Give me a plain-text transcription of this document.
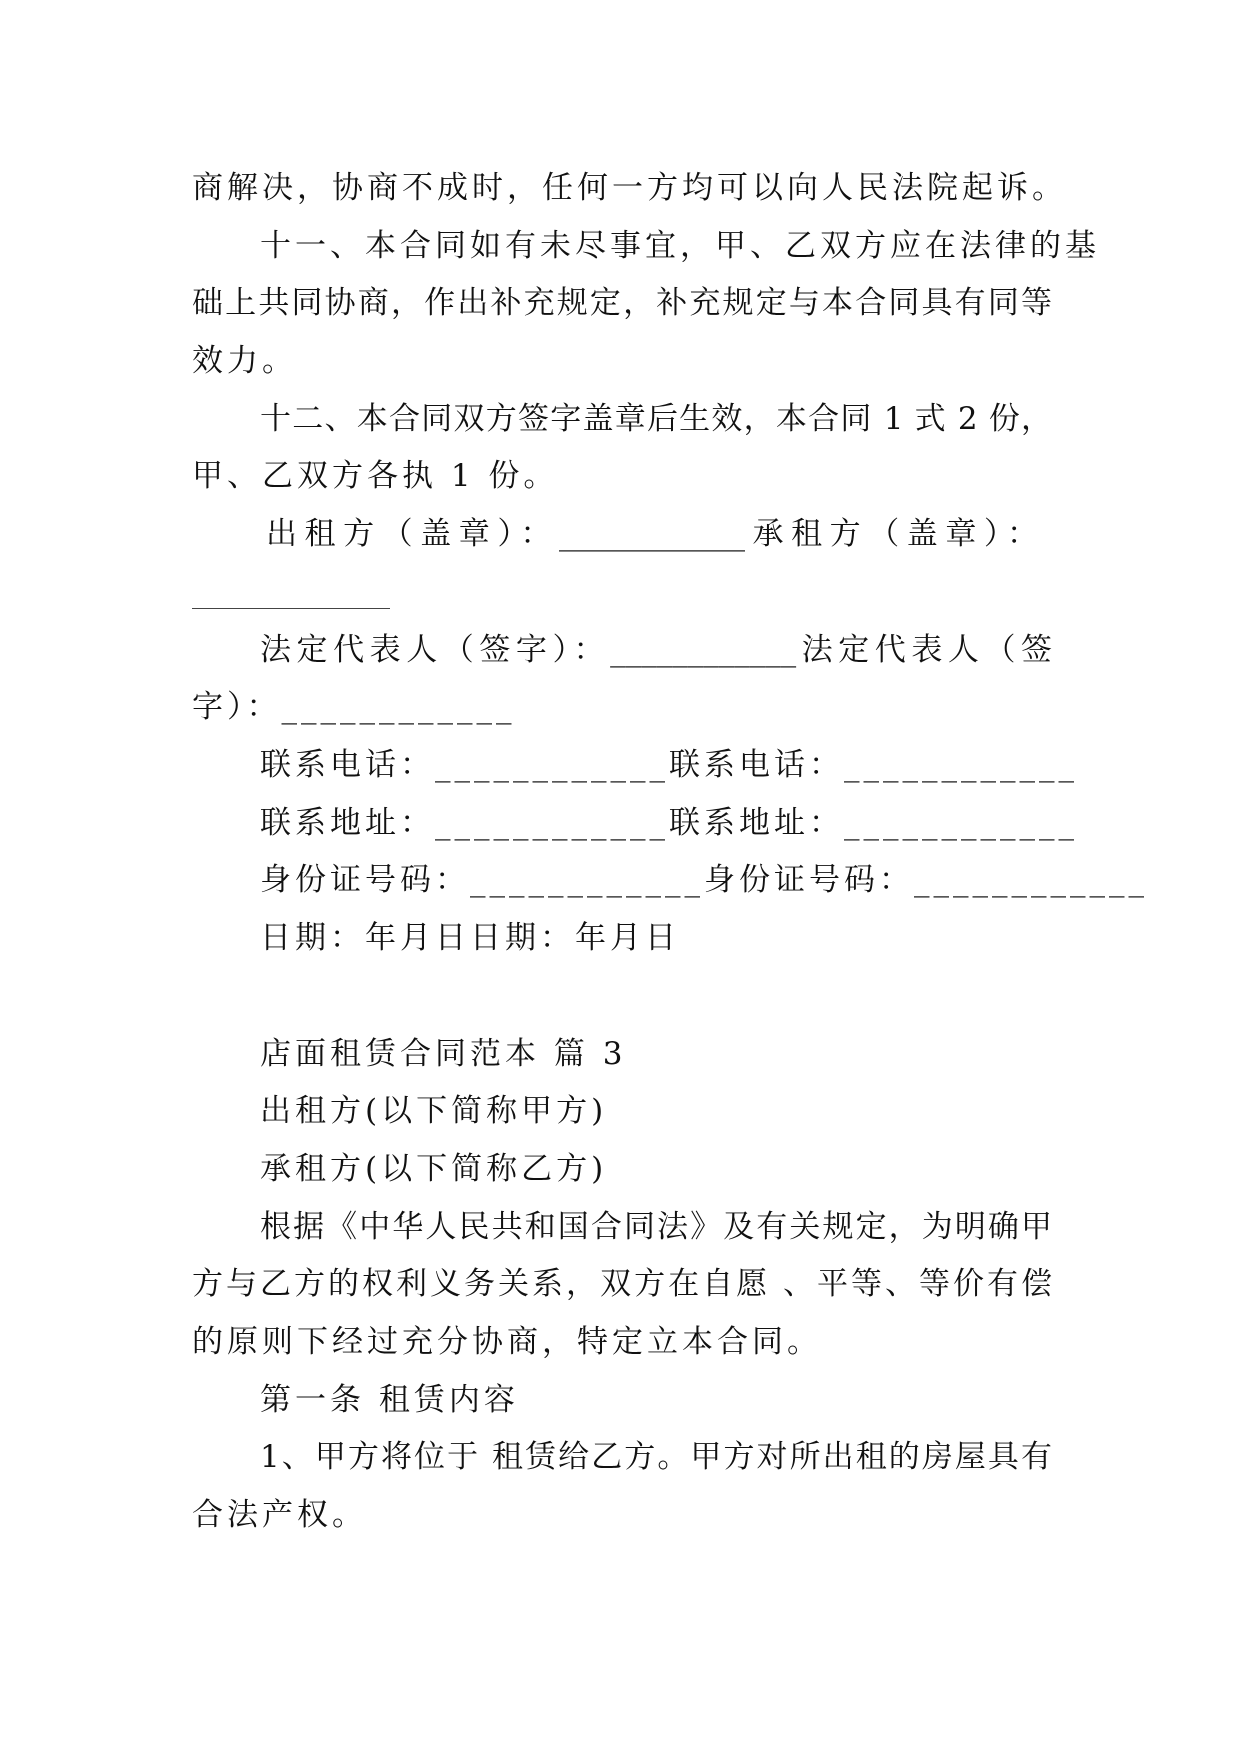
商解决，协商不成时，任何一方均可以向人民法院起诉。
十一、本合同如有未尽事宜，甲、乙双方应在法律的基
础上共同协商，作出补充规定，补充规定与本合同具有同等
效力。
十二、本合同双方签字盖章后生效，本合同 1 式 2 份，
甲、乙双方各执 1 份。
出租方（盖章）：____________承租方（盖章）：
法定代表人（签字）：____________法定代表人（签
字）：____________
联系电话：____________联系电话：____________
联系地址：____________联系地址：____________
身份证号码：____________身份证号码：____________
日期：年月日日期：年月日
店面租赁合同范本 篇 3
出租方(以下简称甲方)
承租方(以下简称乙方)
根据《中华人民共和国合同法》及有关规定，为明确甲
方与乙方的权利义务关系，双方在自愿 、平等、等价有偿
的原则下经过充分协商，特定立本合同。
第一条 租赁内容
1、甲方将位于 租赁给乙方。甲方对所出租的房屋具有
合法产权。
